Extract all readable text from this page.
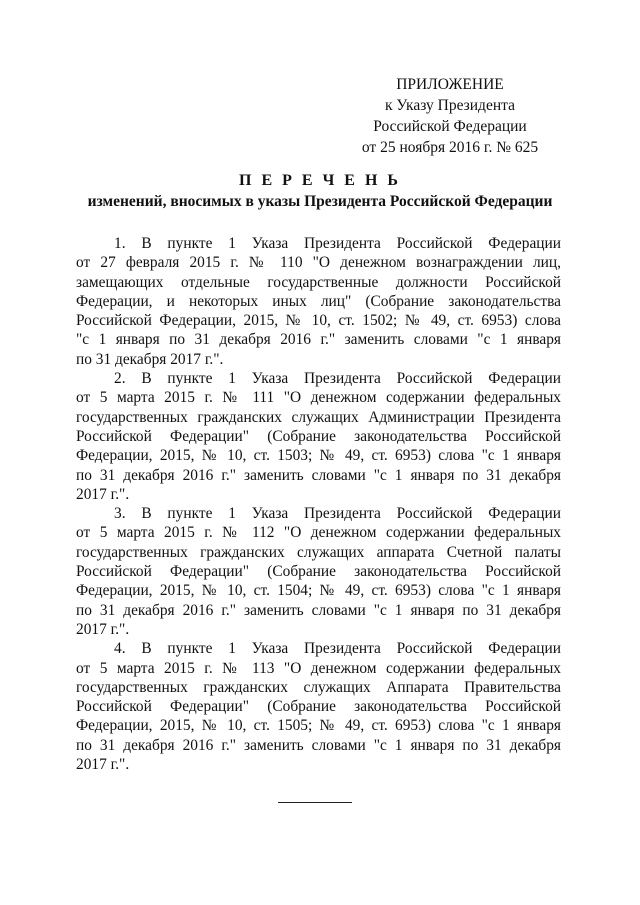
ПРИЛОЖЕНИЕ
к Указу Президента
Российской Федерации
от 25 ноября 2016 г. № 625
П Е Р Е Ч Е Н Ь
изменений, вносимых в указы Президента Российской Федерации
1. В пункте 1 Указа Президента Российской Федерации
от 27 февраля 2015 г. № 110 "О денежном вознаграждении лиц,
замещающих отдельные государственные должности Российской
Федерации, и некоторых иных лиц" (Собрание законодательства
Российской Федерации, 2015, № 10, ст. 1502; № 49, ст. 6953) слова
"с 1 января по 31 декабря 2016 г." заменить словами "с 1 января
по 31 декабря 2017 г.".
2. В пункте 1 Указа Президента Российской Федерации
от 5 марта 2015 г. № 111 "О денежном содержании федеральных
государственных гражданских служащих Администрации Президента
Российской Федерации" (Собрание законодательства Российской
Федерации, 2015, № 10, ст. 1503; № 49, ст. 6953) слова "с 1 января
по 31 декабря 2016 г." заменить словами "с 1 января по 31 декабря
2017 г.".
3. В пункте 1 Указа Президента Российской Федерации
от 5 марта 2015 г. № 112 "О денежном содержании федеральных
государственных гражданских служащих аппарата Счетной палаты
Российской Федерации" (Собрание законодательства Российской
Федерации, 2015, № 10, ст. 1504; № 49, ст. 6953) слова "с 1 января
по 31 декабря 2016 г." заменить словами "с 1 января по 31 декабря
2017 г.".
4. В пункте 1 Указа Президента Российской Федерации
от 5 марта 2015 г. № 113 "О денежном содержании федеральных
государственных гражданских служащих Аппарата Правительства
Российской Федерации" (Собрание законодательства Российской
Федерации, 2015, № 10, ст. 1505; № 49, ст. 6953) слова "с 1 января
по 31 декабря 2016 г." заменить словами "с 1 января по 31 декабря
2017 г.".
